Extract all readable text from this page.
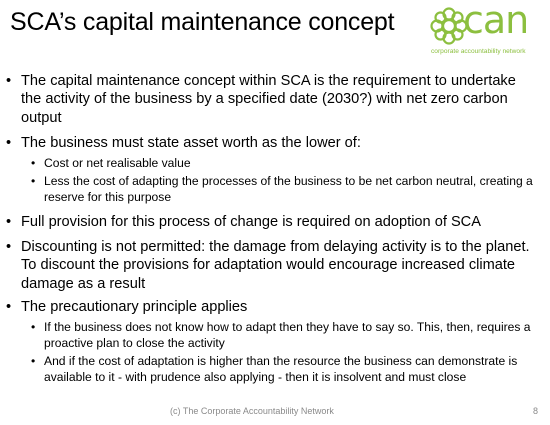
SCA’s capital maintenance concept can
corporate accountability network
• The capital maintenance concept within SCA is the requirement to undertake the activity of the business by a specified date (2030?) with net zero carbon output
• The business must state asset worth as the lower of:
• Cost or net realisable value
• Less the cost of adapting the processes of the business to be net carbon neutral, creating a reserve for this purpose
• Full provision for this process of change is required on adoption of SCA
• Discounting is not permitted: the damage from delaying activity is to the planet. To discount the provisions for adaptation would encourage increased climate damage as a result
• The precautionary principle applies
• If the business does not know how to adapt then they have to say so. This, then, requires a proactive plan to close the activity
• And if the cost of adaptation is higher than the resource the business can demonstrate is available to it - with prudence also applying - then it is insolvent and must close
(c) The Corporate Accountability Network	8
